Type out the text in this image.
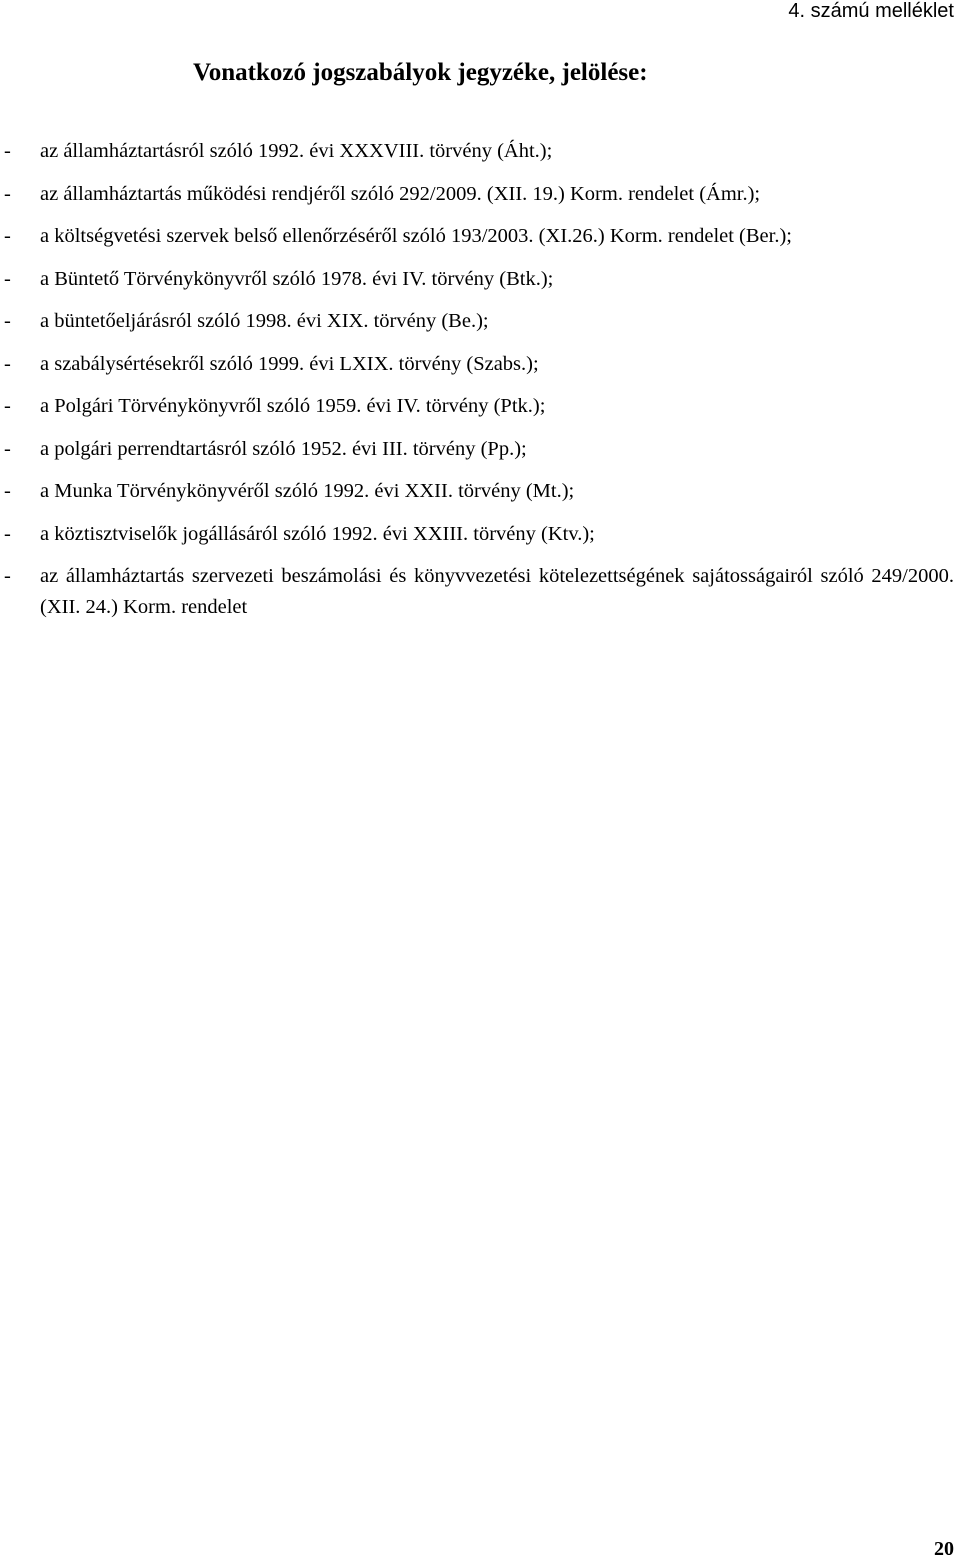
4. számú melléklet
Vonatkozó jogszabályok jegyzéke, jelölése:
-	az államháztartásról szóló 1992. évi XXXVIII. törvény (Áht.);
-	az államháztartás működési rendjéről szóló 292/2009. (XII. 19.) Korm. rendelet (Ámr.);
-	a költségvetési szervek belső ellenőrzéséről szóló 193/2003. (XI.26.) Korm. rendelet (Ber.);
-	a Büntető Törvénykönyvről szóló 1978. évi IV. törvény (Btk.);
-	a büntetőeljárásról szóló 1998. évi XIX. törvény (Be.);
-	a szabálysértésekről szóló 1999. évi LXIX. törvény (Szabs.);
-	a Polgári Törvénykönyvről szóló 1959. évi IV. törvény (Ptk.);
-	a polgári perrendtartásról szóló 1952. évi III. törvény (Pp.);
-	a Munka Törvénykönyvéről szóló 1992. évi XXII. törvény (Mt.);
-	a köztisztviselők jogállásáról szóló 1992. évi XXIII. törvény (Ktv.);
-	az államháztartás szervezeti beszámolási és könyvvezetési kötelezettségének sajátosságairól szóló 249/2000. (XII. 24.) Korm. rendelet
20
